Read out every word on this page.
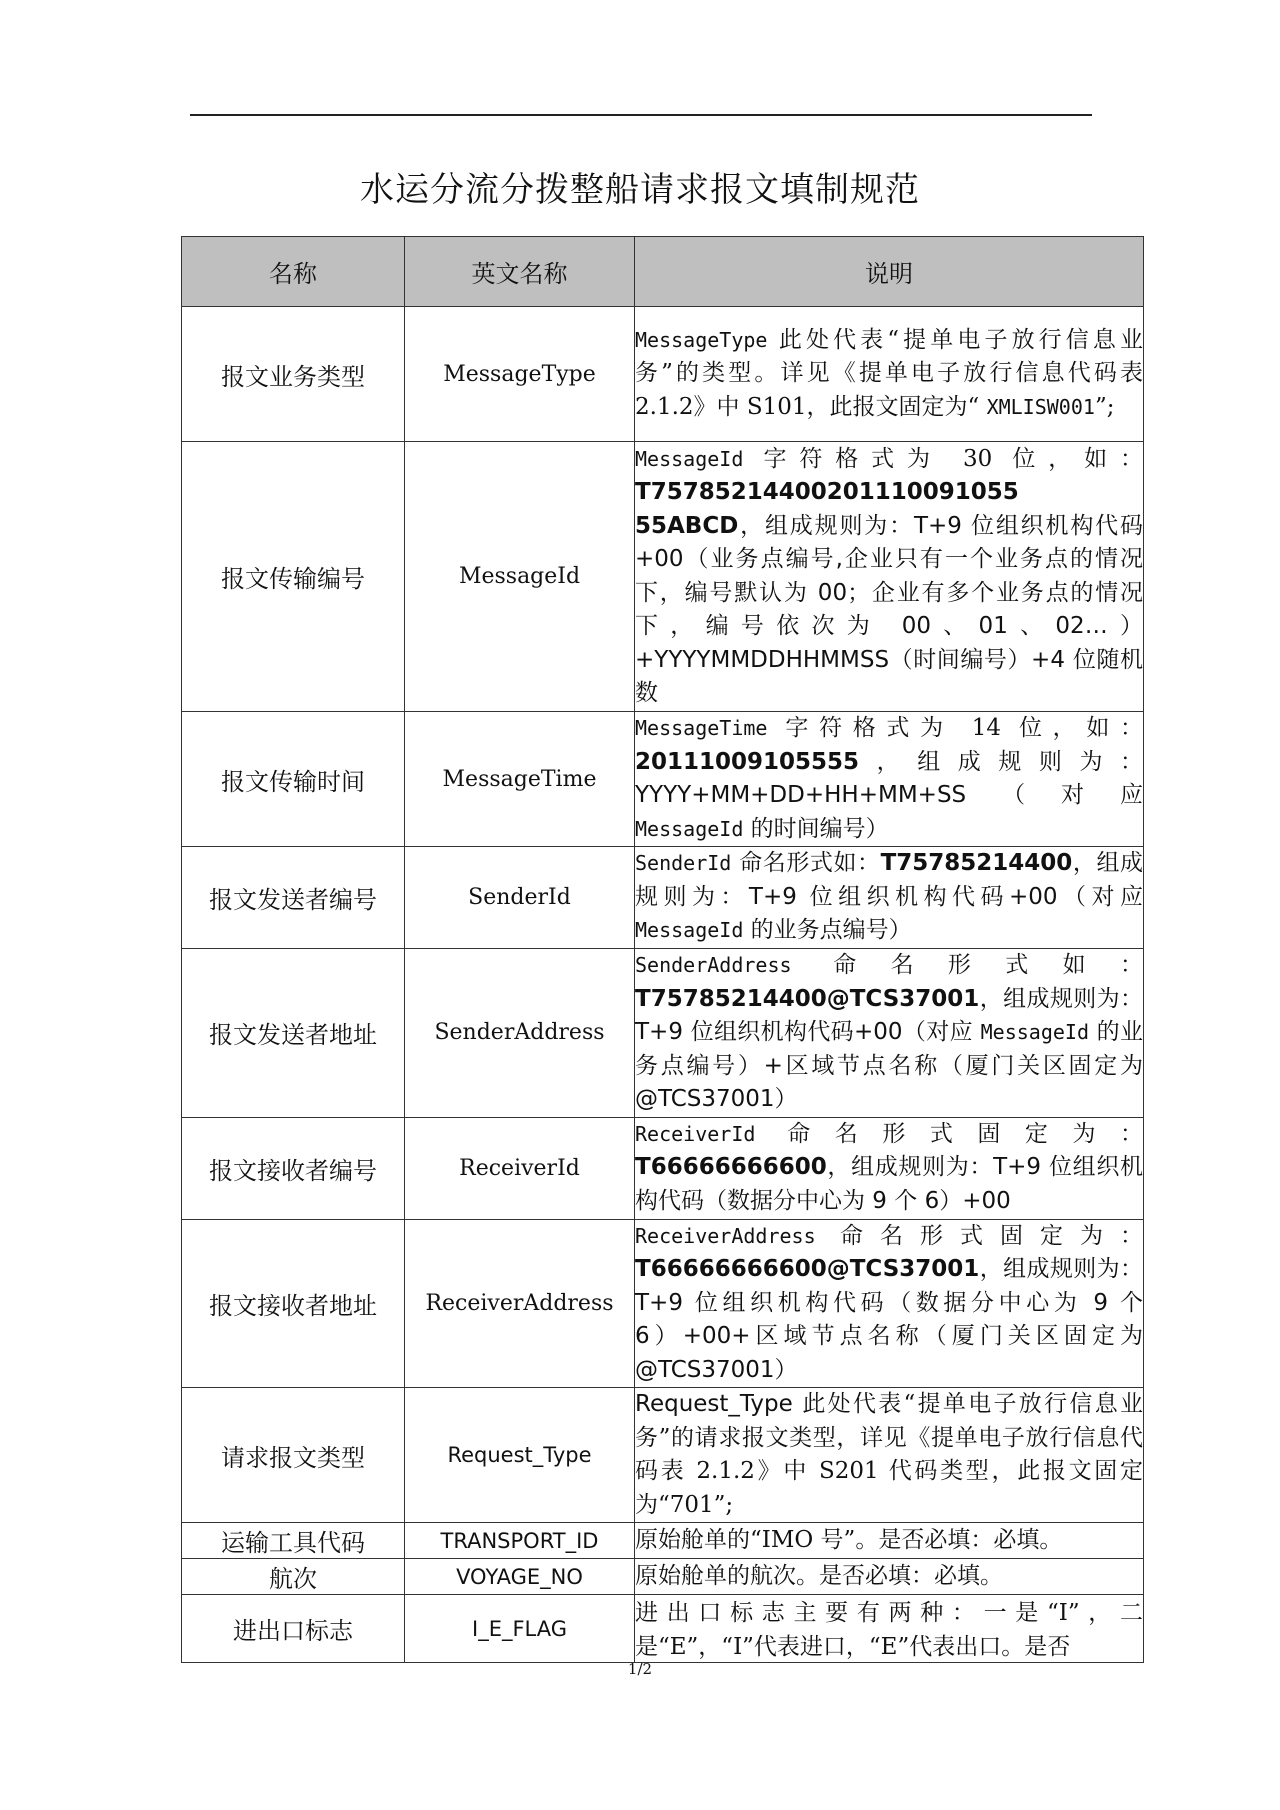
水运分流分拨整船请求报文填制规范
名称	英文名称	说明
报文业务类型	MessageType	MessageType 此处代表“提单电子放行信息业务”的类型。详见《提单电子放行信息代码表 2.1.2》中 S101，此报文固定为“ XMLISW001”;
报文传输编号	MessageId	MessageId 字符格式为 30 位，如：T75785214400201110091055​55ABCD，组成规则为：T+9 位组织机构代码+00（业务点编号,企业只有一个业务点的情况下，编号默认为 00；企业有多个业务点的情况下，编号依次为 00、01、02…）+YYYYMMDDHHMMSS（时间编号）+4 位随机数
报文传输时间	MessageTime	MessageTime 字符格式为 14 位，如：20111009105555，组成规则为：YYYY+MM+DD+HH+MM+SS（对应 MessageId 的时间编号）
报文发送者编号	SenderId	SenderId 命名形式如：T75785214400，组成规则为：T+9 位组织机构代码+00（对应 MessageId 的业务点编号）
报文发送者地址	SenderAddress	SenderAddress 命名形式如：T75785214400@TCS37001，组成规则为：T+9 位组织机构代码+00（对应 MessageId 的业务点编号）+区域节点名称（厦门关区固定为@TCS37001）
报文接收者编号	ReceiverId	ReceiverId 命名形式固定为：T66666666600，组成规则为：T+9 位组织机构代码（数据分中心为 9 个 6）+00
报文接收者地址	ReceiverAddress	ReceiverAddress 命名形式固定为：T66666666600@TCS37001，组成规则为：T+9 位组织机构代码（数据分中心为 9 个 6）+00+区域节点名称（厦门关区固定为@TCS37001）
请求报文类型	Request_Type	Request_Type 此处代表“提单电子放行信息业务”的请求报文类型，详见《提单电子放行信息代码表 2.1.2》中 S201 代码类型，此报文固定为“701”;
运输工具代码	TRANSPORT_ID	原始舱单的“IMO 号”。是否必填：必填。
航次	VOYAGE_NO	原始舱单的航次。是否必填：必填。
进出口标志	I_E_FLAG	进出口标志主要有两种：一是“I”，二是“E”，“I”代表进口，“E”代表出口。是否
1/2
